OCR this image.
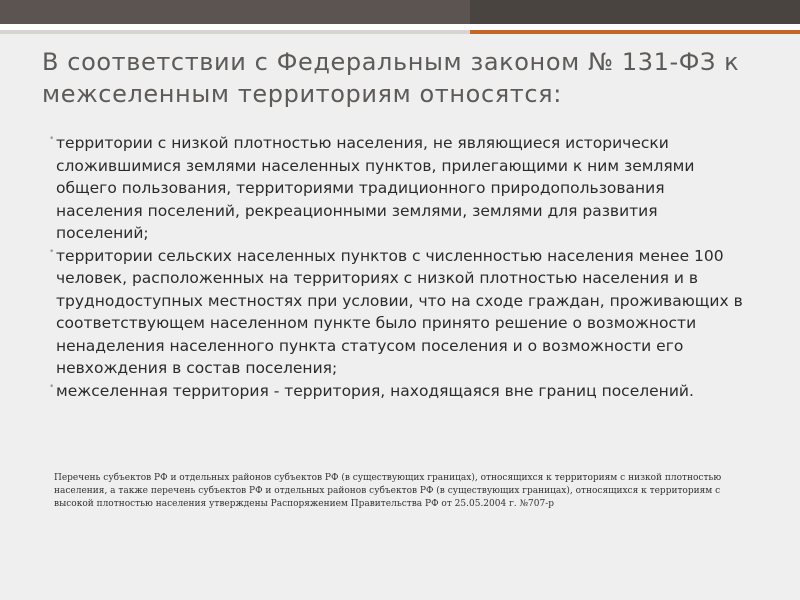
В соответствии с Федеральным законом № 131-ФЗ к межселенным территориям относятся:
• территории с низкой плотностью населения, не являющиеся исторически сложившимися землями населенных пунктов, прилегающими к ним землями общего пользования, территориями традиционного природопользования населения поселений, рекреационными землями, землями для развития поселений;
• территории сельских населенных пунктов с численностью населения менее 100 человек, расположенных на территориях с низкой плотностью населения и в труднодоступных местностях при условии, что на сходе граждан, проживающих в соответствующем населенном пункте было принято решение о возможности ненаделения населенного пункта статусом поселения и о возможности его невхождения в состав поселения;
• межселенная территория - территория, находящаяся вне границ поселений.

Перечень субъектов РФ и отдельных районов субъектов РФ (в существующих границах), относящихся к территориям с низкой плотностью населения, а также перечень субъектов РФ и отдельных районов субъектов РФ (в существующих границах), относящихся к территориям с высокой плотностью населения утверждены Распоряжением Правительства РФ от 25.05.2004 г. №707-р
